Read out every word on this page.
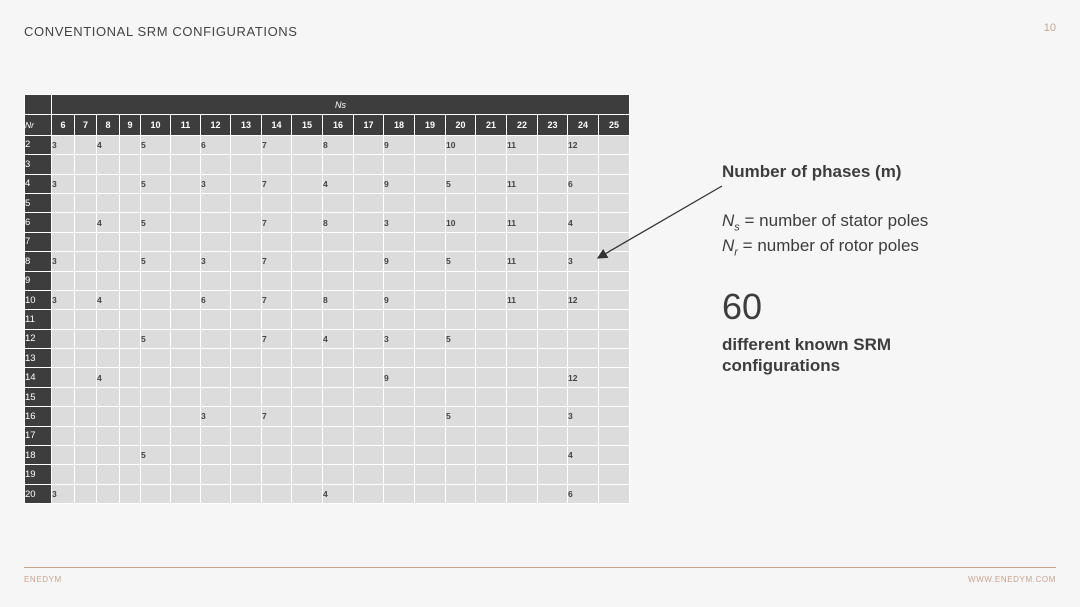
CONVENTIONAL SRM CONFIGURATIONS	10
	Ns																			
Nr	6	7	8	9	10	11	12	13	14	15	16	17	18	19	20	21	22	23	24	25
2	3		4		5		6		7		8		9		10		11		12	
3																				
4	3				5		3		7		4		9		5		11		6	
5																				
6			4		5				7		8		3		10		11		4	
7																				
8	3				5		3		7				9		5		11		3	
9																				
10	3		4				6		7		8		9				11		12	
11																				
12					5				7		4		3		5					
13																				
14			4										9						12	
15																				
16							3		7						5				3	
17																				
18					5														4	
19																				
20	3										4								6	
Number of phases (m)
$N_s$ = number of stator poles
$N_r$ = number of rotor poles
60
different known SRM configurations
ENEDYM	WWW.ENEDYM.COM
